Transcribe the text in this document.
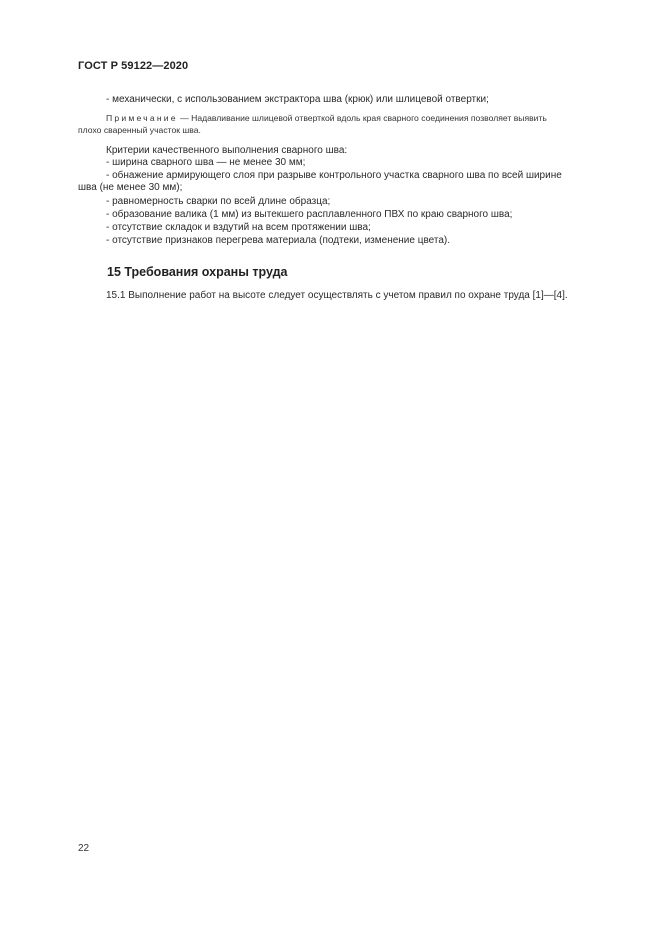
ГОСТ Р 59122—2020
- механически, с использованием экстрактора шва (крюк) или шлицевой отвертки;
Примечание — Надавливание шлицевой отверткой вдоль края сварного соединения позволяет выявить
плохо сваренный участок шва.
Критерии качественного выполнения сварного шва:
- ширина сварного шва — не менее 30 мм;
- обнажение армирующего слоя при разрыве контрольного участка сварного шва по всей ширине
шва (не менее 30 мм);
- равномерность сварки по всей длине образца;
- образование валика (1 мм) из вытекшего расплавленного ПВХ по краю сварного шва;
- отсутствие складок и вздутий на всем протяжении шва;
- отсутствие признаков перегрева материала (подтеки, изменение цвета).
15 Требования охраны труда
15.1 Выполнение работ на высоте следует осуществлять с учетом правил по охране труда [1]—[4].
22
